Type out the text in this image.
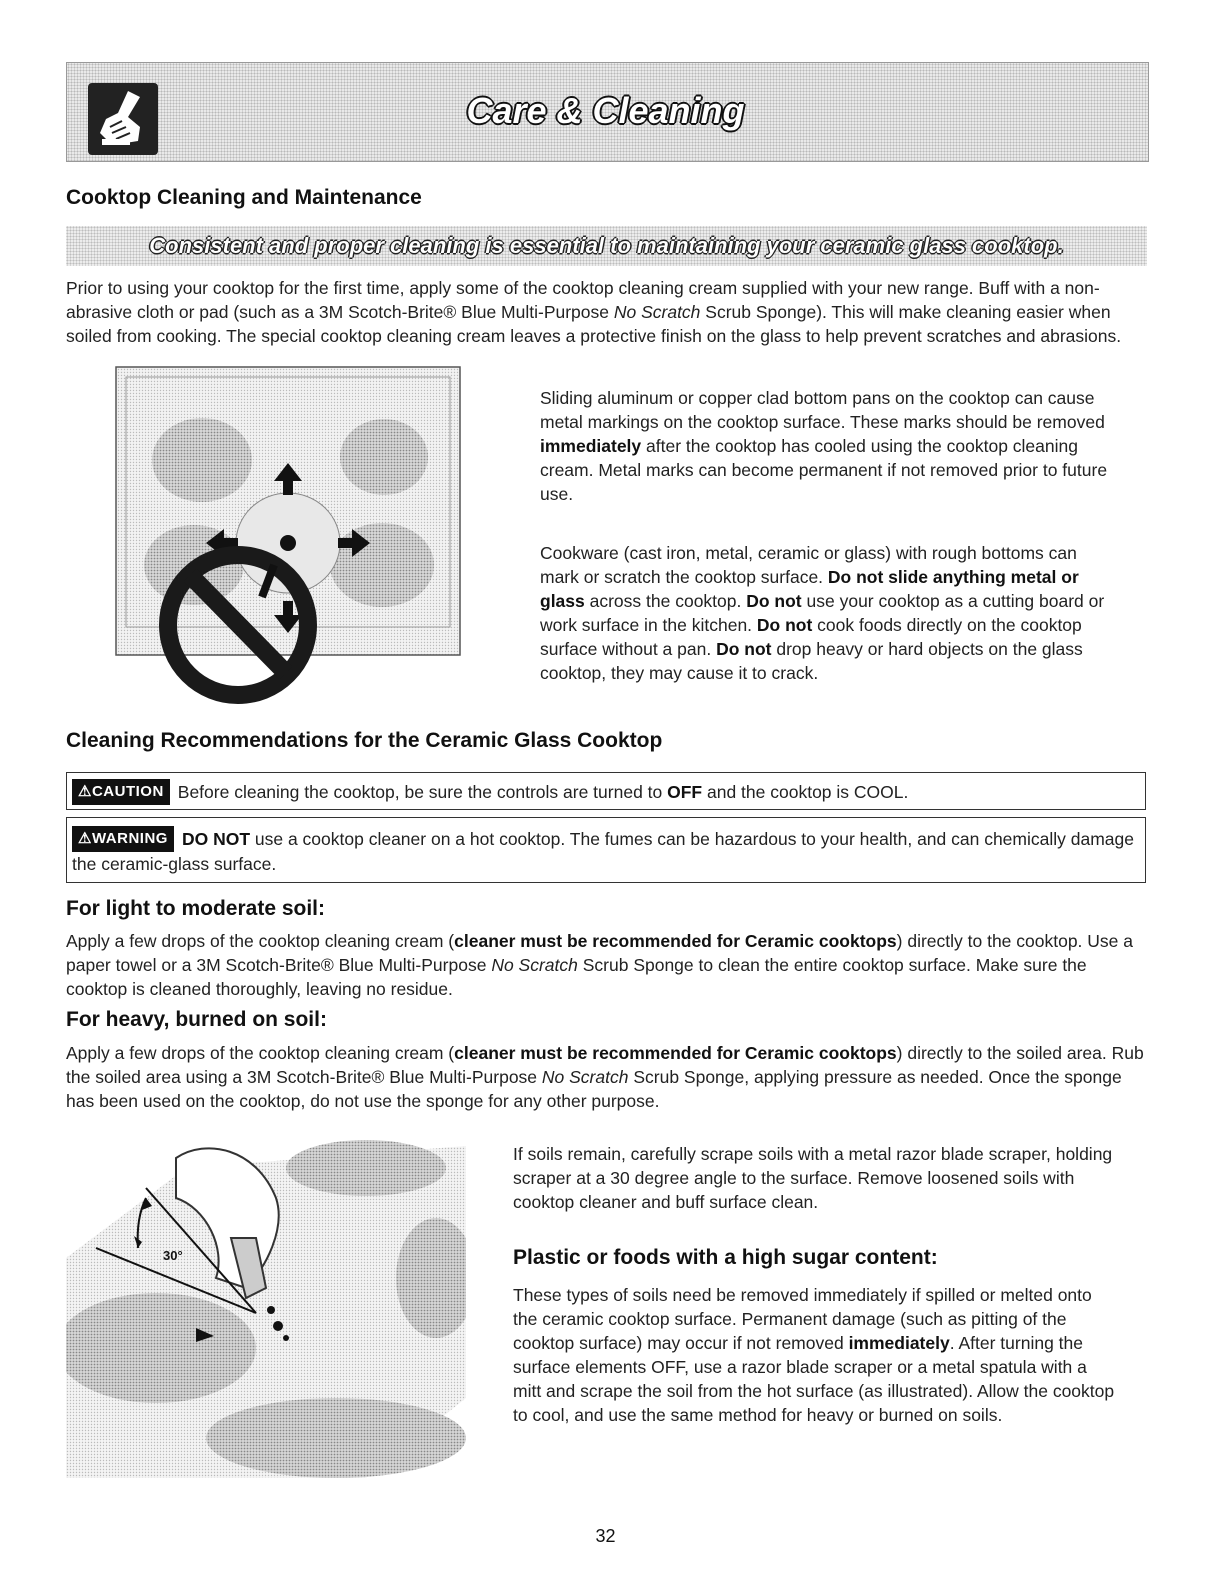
Care & Cleaning
Cooktop Cleaning and Maintenance
Consistent and proper cleaning is essential to maintaining your ceramic glass cooktop.
Prior to using your cooktop for the first time, apply some of the cooktop cleaning cream supplied with your new range. Buff with a non-abrasive cloth or pad (such as a 3M Scotch-Brite® Blue Multi-Purpose No Scratch Scrub Sponge). This will make cleaning easier when soiled from cooking. The special cooktop cleaning cream leaves a protective finish on the glass to help prevent scratches and abrasions.
Sliding aluminum or copper clad bottom pans on the cooktop can cause metal markings on the cooktop surface. These marks should be removed immediately after the cooktop has cooled using the cooktop cleaning cream. Metal marks can become permanent if not removed prior to future use.
Cookware (cast iron, metal, ceramic or glass) with rough bottoms can mark or scratch the cooktop surface. Do not slide anything metal or glass across the cooktop. Do not use your cooktop as a cutting board or work surface in the kitchen. Do not cook foods directly on the cooktop surface without a pan. Do not drop heavy or hard objects on the glass cooktop, they may cause it to crack.
Cleaning Recommendations for the Ceramic Glass Cooktop
⚠CAUTION Before cleaning the cooktop, be sure the controls are turned to OFF and the cooktop is COOL.
⚠WARNING DO NOT use a cooktop cleaner on a hot cooktop. The fumes can be hazardous to your health, and can chemically damage the ceramic-glass surface.
For light to moderate soil:
Apply a few drops of the cooktop cleaning cream (cleaner must be recommended for Ceramic cooktops) directly to the cooktop. Use a paper towel or a 3M Scotch-Brite® Blue Multi-Purpose No Scratch Scrub Sponge to clean the entire cooktop surface. Make sure the cooktop is cleaned thoroughly, leaving no residue.
For heavy, burned on soil:
Apply a few drops of the cooktop cleaning cream (cleaner must be recommended for Ceramic cooktops) directly to the soiled area. Rub the soiled area using a 3M Scotch-Brite® Blue Multi-Purpose No Scratch Scrub Sponge, applying pressure as needed. Once the sponge has been used on the cooktop, do not use the sponge for any other purpose.
30°
If soils remain, carefully scrape soils with a metal razor blade scraper, holding scraper at a 30 degree angle to the surface. Remove loosened soils with cooktop cleaner and buff surface clean.
Plastic or foods with a high sugar content:
These types of soils need be removed immediately if spilled or melted onto the ceramic cooktop surface. Permanent damage (such as pitting of the cooktop surface) may occur if not removed immediately. After turning the surface elements OFF, use a razor blade scraper or a metal spatula with a mitt and scrape the soil from the hot surface (as illustrated). Allow the cooktop to cool, and use the same method for heavy or burned on soils.
32
